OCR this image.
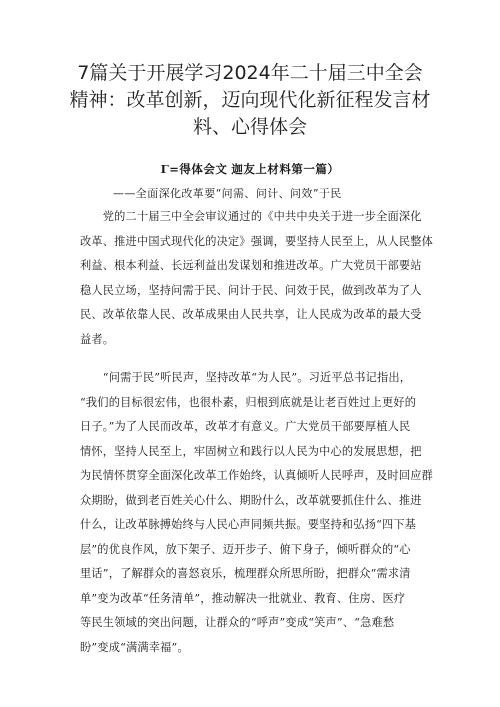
7篇关于开展学习2024年二十届三中全会
精神：改革创新，迈向现代化新征程发言材
料、心得体会
Γ=得体会文᠎ 迦友上材料第一篇）
——全面深化改革要“问需、问计、问效”于民
　　党的二十届三中全会审议通过的《中共中央关于进一步全面深化
改革、推进中国式现代化的决定》强调，要坚持人民至上，从人民整体
利益、根本利益、长远利益出发谋划和推进改革。广大党员干部要站
稳人民立场，坚持问需于民、问计于民、问效于民，做到改革为了人
民、改革依靠人民、改革成果由人民共享，让人民成为改革的最大受
益者。
　　“问需于民”听民声，坚持改革“为人民”。习近平总书记指出，
“我们的目标很宏伟，也很朴素，归根到底就是让老百姓过上更好的
日子。”为了人民而改革，改革才有意义。广大党员干部要厚植人民
情怀，坚持人民至上，牢固树立和践行以人民为中心的发展思想，把
为民情怀贯穿全面深化改革工作始终，认真倾听人民呼声，及时回应群
众期盼，做到老百姓关心什么、期盼什么，改革就要抓住什么、推进
什么，让改革脉搏始终与人民心声同频共振。要坚持和弘扬“四下基
层”的优良作风，放下架子、迈开步子、俯下身子，倾听群众的“心
里话”，了解群众的喜怒哀乐，梳理群众所思所盼，把群众“需求清
单”变为改革“任务清单”，推动解决一批就业、教育、住房、医疗
等民生领域的突出问题，让群众的“呼声”变成“笑声”、“急难愁
盼”变成“满满幸福”。
